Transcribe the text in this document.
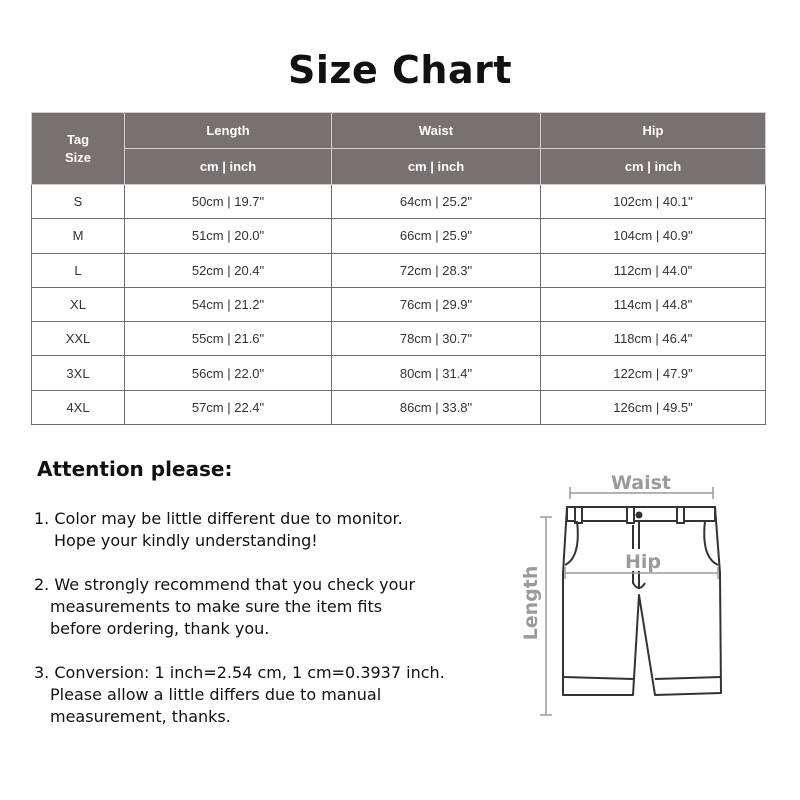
Size Chart
Tag
Size	Length	Waist	Hip
	cm | inch	cm | inch	cm | inch
S	50cm | 19.7"	64cm | 25.2"	102cm | 40.1"
M	51cm | 20.0"	66cm | 25.9"	104cm | 40.9"
L	52cm | 20.4"	72cm | 28.3"	112cm | 44.0"
XL	54cm | 21.2"	76cm | 29.9"	114cm | 44.8"
XXL	55cm | 21.6"	78cm | 30.7"	118cm | 46.4"
3XL	56cm | 22.0"	80cm | 31.4"	122cm | 47.9"
4XL	57cm | 22.4"	86cm | 33.8"	126cm | 49.5"
Attention please:
1. Color may be little different due to monitor.
Hope your kindly understanding!
2. We strongly recommend that you check your
measurements to make sure the item fits
before ordering, thank you.
3. Conversion: 1 inch=2.54 cm, 1 cm=0.3937 inch.
Please allow a little differs due to manual
measurement, thanks.
Waist
Length
Hip
